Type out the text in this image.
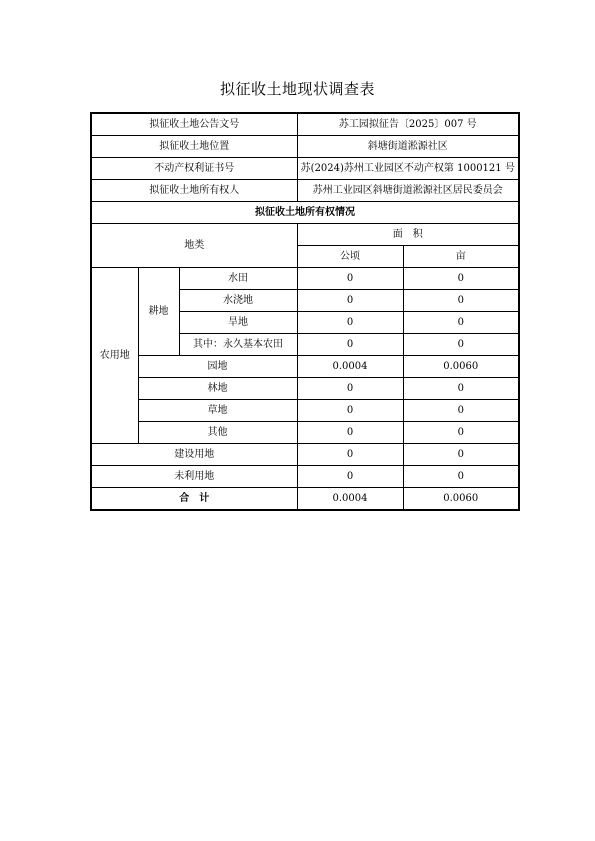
拟征收土地现状调查表
拟征收土地公告文号			苏工园拟征告〔2025〕007 号	
拟征收土地位置			斜塘街道淞源社区	
不动产权利证书号			苏(2024)苏州工业园区不动产权第 1000121 号	
拟征收土地所有权人			苏州工业园区斜塘街道淞源社区居民委员会	
拟征收土地所有权情况				
地类			面　积	
			公顷	亩
农用地	耕地	水田	0	0
		水浇地	0	0
		旱地	0	0
		其中：永久基本农田	0	0
	园地		0.0004	0.0060
	林地		0	0
	草地		0	0
	其他		0	0
建设用地			0	0
未利用地			0	0
合　计			0.0004	0.0060
